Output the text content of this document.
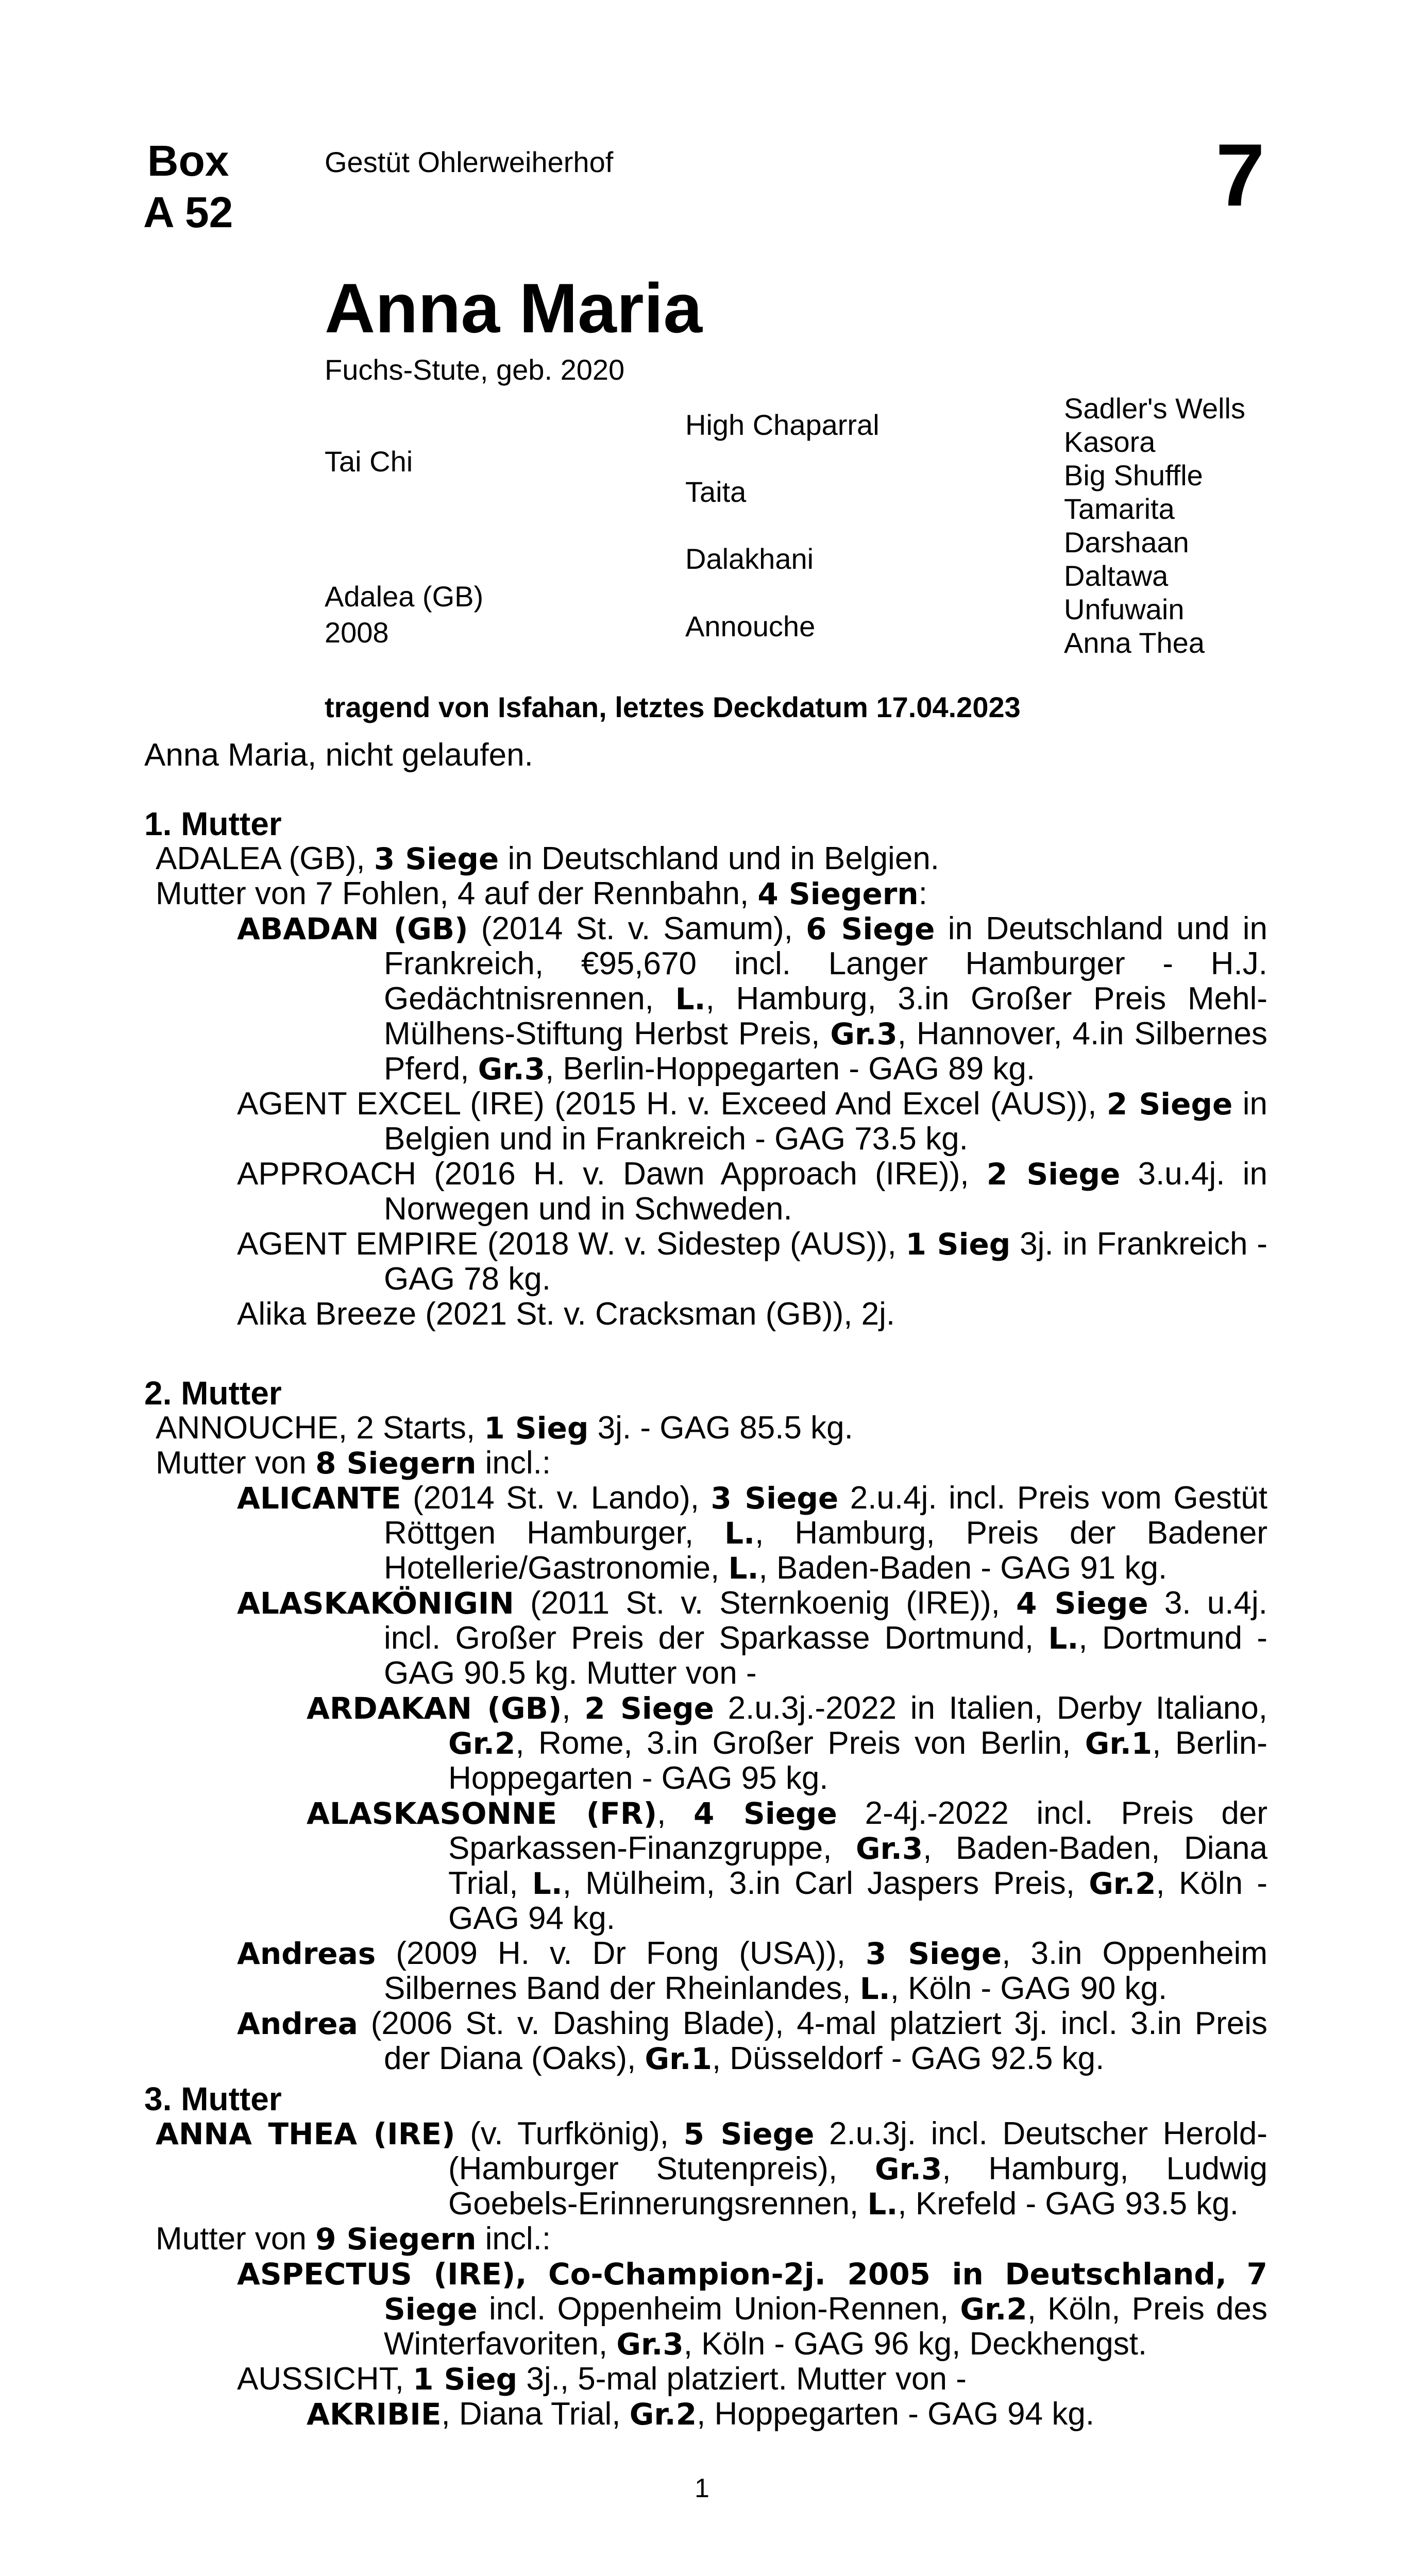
Box
A 52
Gestüt Ohlerweiherhof	7
Anna Maria
Fuchs-Stute, geb. 2020
Tai Chi
Adalea (GB)
2008
High Chaparral
Taita
Dalakhani
Annouche
Sadler's Wells
Kasora
Big Shuffle
Tamarita
Darshaan
Daltawa
Unfuwain
Anna Thea
tragend von Isfahan, letztes Deckdatum 17.04.2023
Anna Maria, nicht gelaufen.
1. Mutter
ADALEA (GB), 3 Siege in Deutschland und in Belgien.
Mutter von 7 Fohlen, 4 auf der Rennbahn, 4 Siegern:
ABADAN (GB) (2014 St. v. Samum), 6 Siege in Deutschland und in Frankreich, €95,670 incl. Langer Hamburger - H.J. Gedächtnisrennen, L., Hamburg, 3.in Großer Preis Mehl-Mülhens-Stiftung Herbst Preis, Gr.3, Hannover, 4.in Silbernes Pferd, Gr.3, Berlin-Hoppegarten - GAG 89 kg.
AGENT EXCEL (IRE) (2015 H. v. Exceed And Excel (AUS)), 2 Siege in Belgien und in Frankreich - GAG 73.5 kg.
APPROACH (2016 H. v. Dawn Approach (IRE)), 2 Siege 3.u.4j. in Norwegen und in Schweden.
AGENT EMPIRE (2018 W. v. Sidestep (AUS)), 1 Sieg 3j. in Frankreich - GAG 78 kg.
Alika Breeze (2021 St. v. Cracksman (GB)), 2j.
2. Mutter
ANNOUCHE, 2 Starts, 1 Sieg 3j. - GAG 85.5 kg.
Mutter von 8 Siegern incl.:
ALICANTE (2014 St. v. Lando), 3 Siege 2.u.4j. incl. Preis vom Gestüt Röttgen Hamburger, L., Hamburg, Preis der Badener Hotellerie/Gastronomie, L., Baden-Baden - GAG 91 kg.
ALASKAKÖNIGIN (2011 St. v. Sternkoenig (IRE)), 4 Siege 3. u.4j. incl. Großer Preis der Sparkasse Dortmund, L., Dortmund - GAG 90.5 kg. Mutter von -
ARDAKAN (GB), 2 Siege 2.u.3j.-2022 in Italien, Derby Italiano, Gr.2, Rome, 3.in Großer Preis von Berlin, Gr.1, Berlin-Hoppegarten - GAG 95 kg.
ALASKASONNE (FR), 4 Siege 2-4j.-2022 incl. Preis der Sparkassen-Finanzgruppe, Gr.3, Baden-Baden, Diana Trial, L., Mülheim, 3.in Carl Jaspers Preis, Gr.2, Köln - GAG 94 kg.
Andreas (2009 H. v. Dr Fong (USA)), 3 Siege, 3.in Oppenheim Silbernes Band der Rheinlandes, L., Köln - GAG 90 kg.
Andrea (2006 St. v. Dashing Blade), 4-mal platziert 3j. incl. 3.in Preis der Diana (Oaks), Gr.1, Düsseldorf - GAG 92.5 kg.
3. Mutter
ANNA THEA (IRE) (v. Turfkönig), 5 Siege 2.u.3j. incl. Deutscher Herold-(Hamburger Stutenpreis), Gr.3, Hamburg, Ludwig Goebels-Erinnerungsrennen, L., Krefeld - GAG 93.5 kg.
Mutter von 9 Siegern incl.:
ASPECTUS (IRE), Co-Champion-2j. 2005 in Deutschland, 7 Siege incl. Oppenheim Union-Rennen, Gr.2, Köln, Preis des Winterfavoriten, Gr.3, Köln - GAG 96 kg, Deckhengst.
AUSSICHT, 1 Sieg 3j., 5-mal platziert. Mutter von -
AKRIBIE, Diana Trial, Gr.2, Hoppegarten - GAG 94 kg.
1
